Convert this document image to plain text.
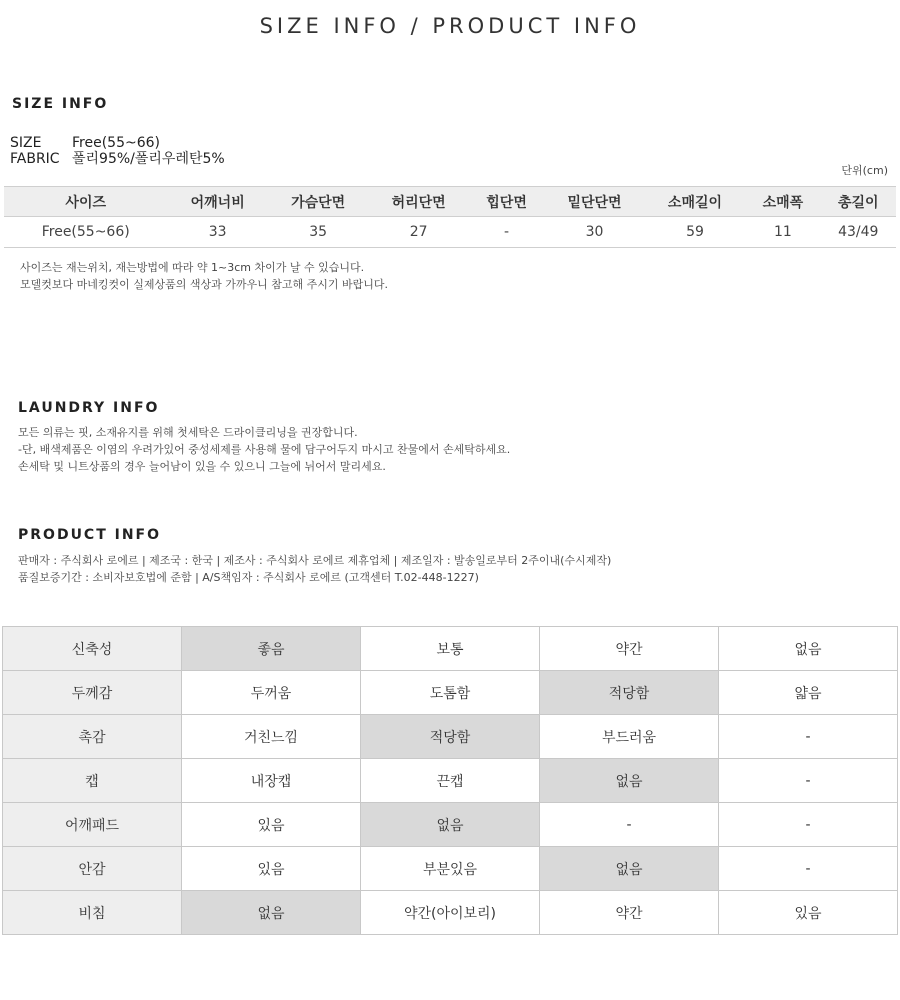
SIZE INFO / PRODUCT INFO
SIZE INFO
SIZE Free(55~66)
FABRIC 폴리95%/폴리우레탄5%
단위(cm)
사이즈	어깨너비	가슴단면	허리단면	힙단면	밑단단면	소매길이	소매폭	총길이
Free(55~66)	33	35	27	-	30	59	11	43/49
사이즈는 재는위치, 재는방법에 따라 약 1~3cm 차이가 날 수 있습니다.
모델컷보다 마네킹컷이 실제상품의 색상과 가까우니 참고해 주시기 바랍니다.
LAUNDRY INFO
모든 의류는 핏, 소재유지를 위해 첫세탁은 드라이클리닝을 권장합니다.
-단, 배색제품은 이염의 우려가있어 중성세제를 사용해 물에 담구어두지 마시고 찬물에서 손세탁하세요.
손세탁 및 니트상품의 경우 늘어남이 있을 수 있으니 그늘에 뉘어서 말리세요.
PRODUCT INFO
판매자 : 주식회사 로에르 | 제조국 : 한국 | 제조사 : 주식회사 로에르 제휴업체 | 제조일자 : 발송일로부터 2주이내(수시제작)
품질보증기간 : 소비자보호법에 준함 | A/S책임자 : 주식회사 로에르 (고객센터 T.02-448-1227)
신축성	좋음	보통	약간	없음
두께감	두꺼움	도톰함	적당함	얇음
촉감	거친느낌	적당함	부드러움	-
캡	내장캡	끈캡	없음	-
어깨패드	있음	없음	-	-
안감	있음	부분있음	없음	-
비침	없음	약간(아이보리)	약간	있음
